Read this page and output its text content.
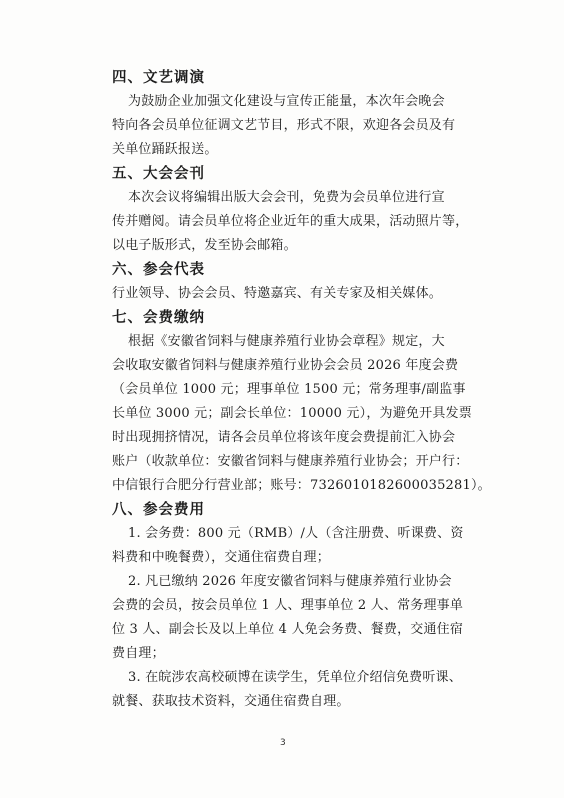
四、文艺调演
为鼓励企业加强文化建设与宣传正能量，本次年会晚会
特向各会员单位征调文艺节目，形式不限，欢迎各会员及有
关单位踊跃报送。
五、大会会刊
本次会议将编辑出版大会会刊，免费为会员单位进行宣
传并赠阅。请会员单位将企业近年的重大成果，活动照片等，
以电子版形式，发至协会邮箱。
六、参会代表
行业领导、协会会员、特邀嘉宾、有关专家及相关媒体。
七、会费缴纳
根据《安徽省饲料与健康养殖行业协会章程》规定，大
会收取安徽省饲料与健康养殖行业协会会员 2026 年度会费
（会员单位 1000 元；理事单位 1500 元；常务理事/副监事
长单位 3000 元；副会长单位：10000 元），为避免开具发票
时出现拥挤情况，请各会员单位将该年度会费提前汇入协会
账户（收款单位：安徽省饲料与健康养殖行业协会；开户行：
中信银行合肥分行营业部；账号：7326010182600035281）。
八、参会费用
1. 会务费：800 元（RMB）/人（含注册费、听课费、资
料费和中晚餐费），交通住宿费自理；
2. 凡已缴纳 2026 年度安徽省饲料与健康养殖行业协会
会费的会员，按会员单位 1 人、理事单位 2 人、常务理事单
位 3 人、副会长及以上单位 4 人免会务费、餐费，交通住宿
费自理；
3. 在皖涉农高校硕博在读学生，凭单位介绍信免费听课、
就餐、获取技术资料，交通住宿费自理。
3
